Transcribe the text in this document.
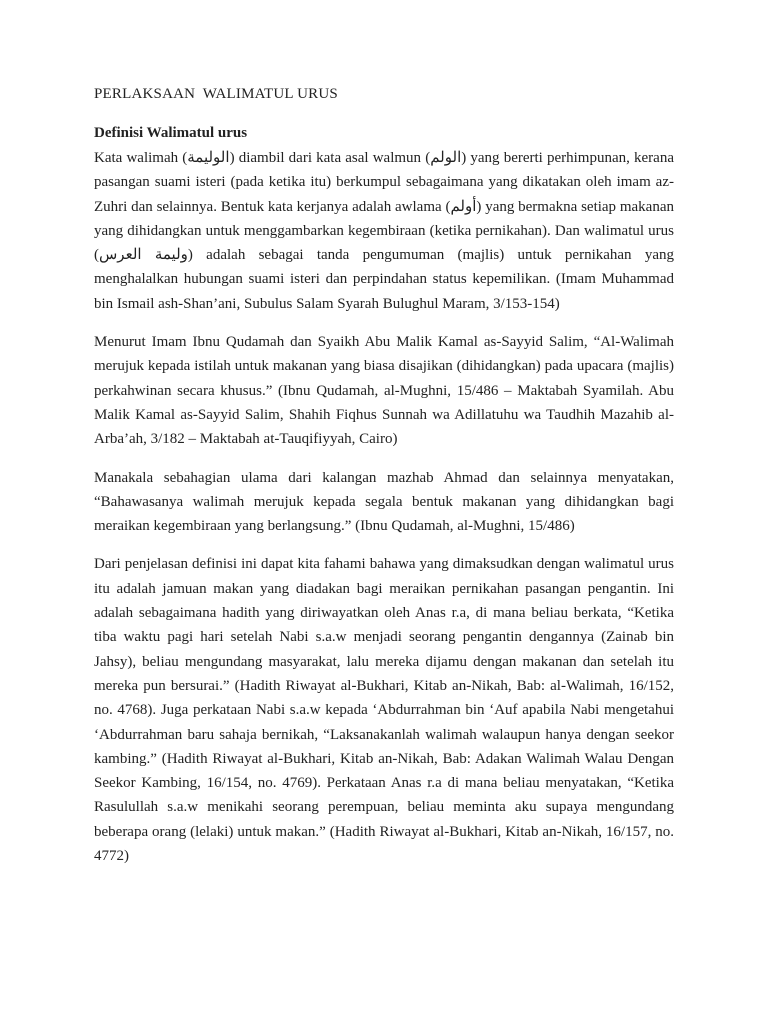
PERLAKSAAN  WALIMATUL URUS
Definisi Walimatul urus

Kata walimah (الوليمة) diambil dari kata asal walmun (الولم) yang bererti perhimpunan, kerana pasangan suami isteri (pada ketika itu) berkumpul sebagaimana yang dikatakan oleh imam az-Zuhri dan selainnya. Bentuk kata kerjanya adalah awlama (أولم) yang bermakna setiap makanan yang dihidangkan untuk menggambarkan kegembiraan (ketika pernikahan). Dan walimatul urus (وليمة العرس) adalah sebagai tanda pengumuman (majlis) untuk pernikahan yang menghalalkan hubungan suami isteri dan perpindahan status kepemilikan. (Imam Muhammad bin Ismail ash-Shan’ani, Subulus Salam Syarah Bulughul Maram, 3/153-154)

Menurut Imam Ibnu Qudamah dan Syaikh Abu Malik Kamal as-Sayyid Salim, “Al-Walimah merujuk kepada istilah untuk makanan yang biasa disajikan (dihidangkan) pada upacara (majlis) perkahwinan secara khusus.” (Ibnu Qudamah, al-Mughni, 15/486 – Maktabah Syamilah. Abu Malik Kamal as-Sayyid Salim, Shahih Fiqhus Sunnah wa Adillatuhu wa Taudhih Mazahib al-Arba’ah, 3/182 – Maktabah at-Tauqifiyyah, Cairo)

Manakala sebahagian ulama dari kalangan mazhab Ahmad dan selainnya menyatakan, “Bahawasanya walimah merujuk kepada segala bentuk makanan yang dihidangkan bagi meraikan kegembiraan yang berlangsung.” (Ibnu Qudamah, al-Mughni, 15/486)

Dari penjelasan definisi ini dapat kita fahami bahawa yang dimaksudkan dengan walimatul urus itu adalah jamuan makan yang diadakan bagi meraikan pernikahan pasangan pengantin. Ini adalah sebagaimana hadith yang diriwayatkan oleh Anas r.a, di mana beliau berkata, “Ketika tiba waktu pagi hari setelah Nabi s.a.w menjadi seorang pengantin dengannya (Zainab bin Jahsy), beliau mengundang masyarakat, lalu mereka dijamu dengan makanan dan setelah itu mereka pun bersurai.” (Hadith Riwayat al-Bukhari, Kitab an-Nikah, Bab: al-Walimah, 16/152, no. 4768). Juga perkataan Nabi s.a.w kepada ‘Abdurrahman bin ‘Auf apabila Nabi mengetahui ‘Abdurrahman baru sahaja bernikah, “Laksanakanlah walimah walaupun hanya dengan seekor kambing.” (Hadith Riwayat al-Bukhari, Kitab an-Nikah, Bab: Adakan Walimah Walau Dengan Seekor Kambing, 16/154, no. 4769). Perkataan Anas r.a di mana beliau menyatakan, “Ketika Rasulullah s.a.w menikahi seorang perempuan, beliau meminta aku supaya mengundang beberapa orang (lelaki) untuk makan.” (Hadith Riwayat al-Bukhari, Kitab an-Nikah, 16/157, no. 4772)
